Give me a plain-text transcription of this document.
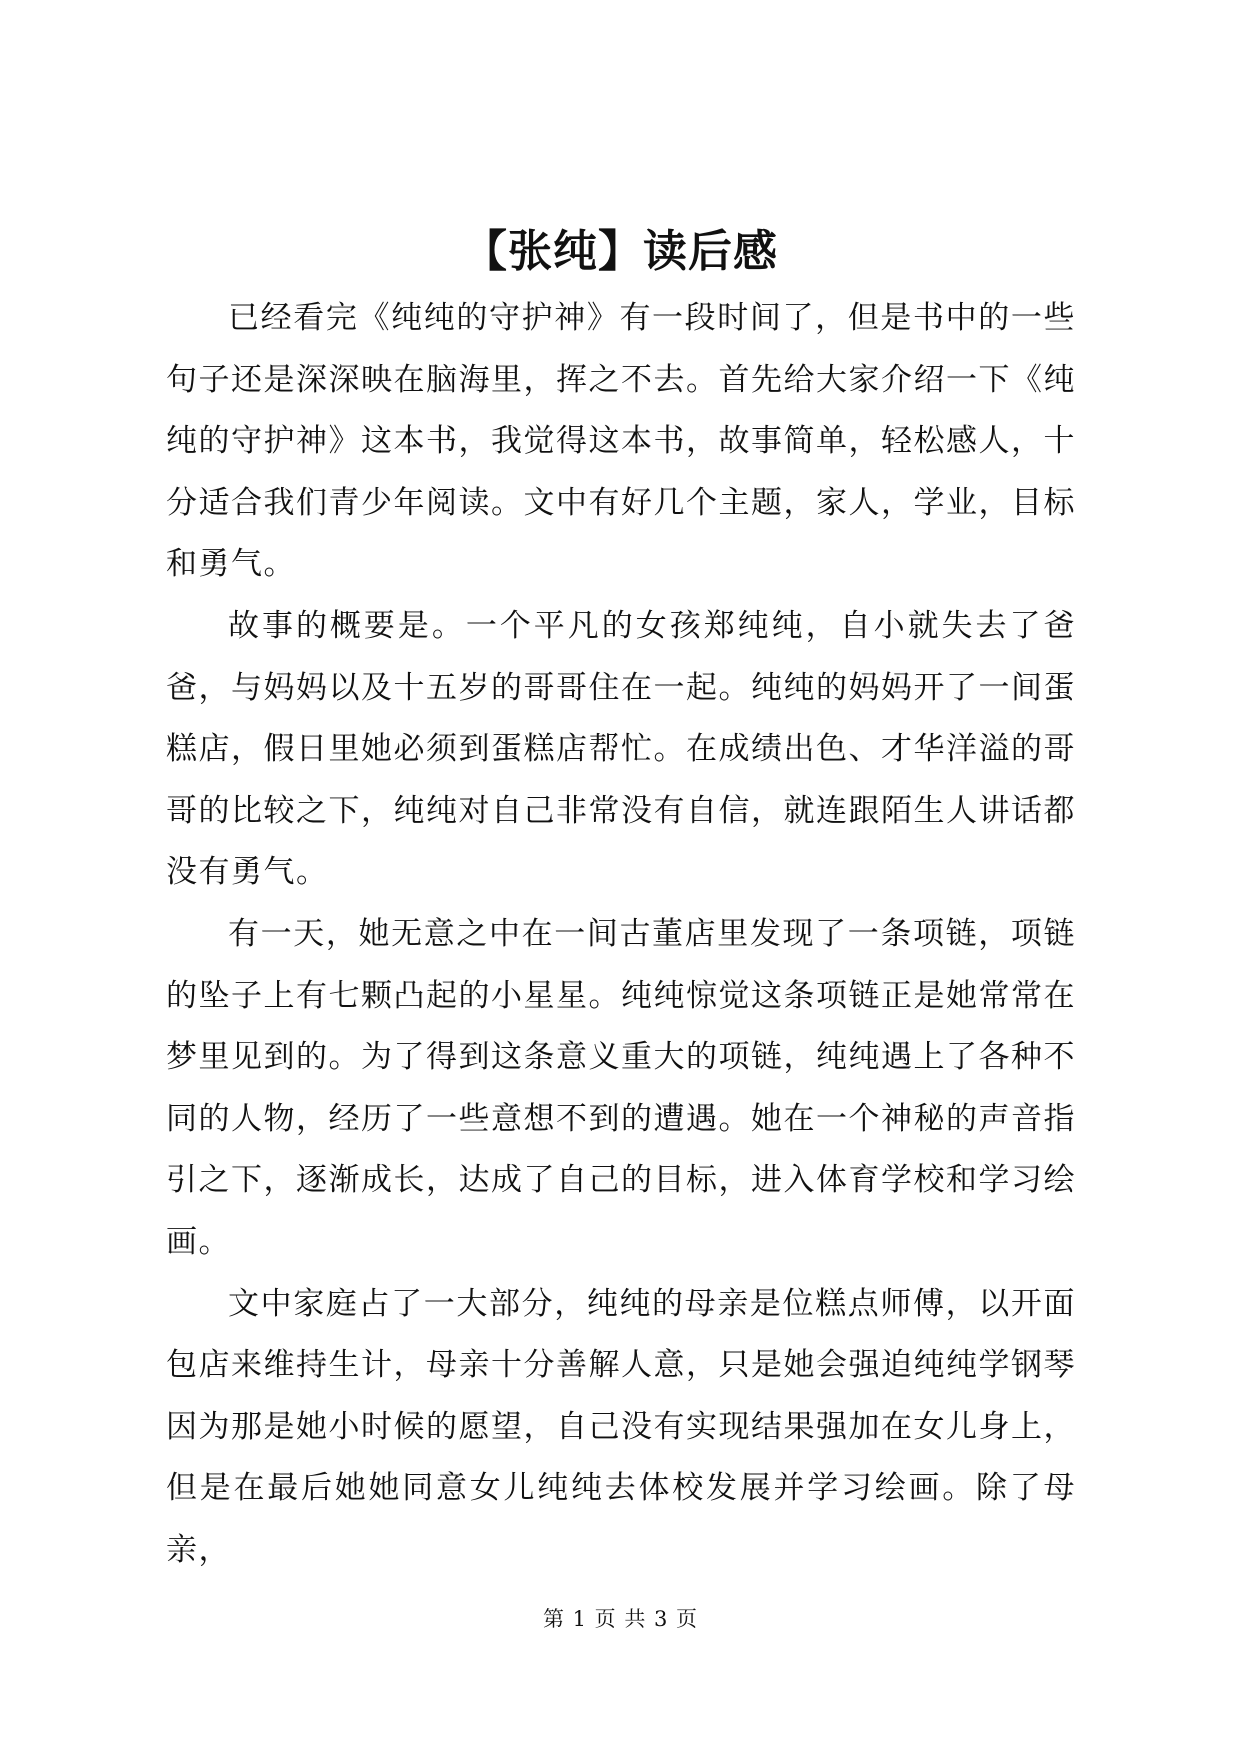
【张纯】读后感

已经看完《纯纯的守护神》有一段时间了，但是书中的一些句子还是深深映在脑海里，挥之不去。首先给大家介绍一下《纯纯的守护神》这本书，我觉得这本书，故事简单，轻松感人，十分适合我们青少年阅读。文中有好几个主题，家人，学业，目标和勇气。

故事的概要是。一个平凡的女孩郑纯纯，自小就失去了爸爸，与妈妈以及十五岁的哥哥住在一起。纯纯的妈妈开了一间蛋糕店，假日里她必须到蛋糕店帮忙。在成绩出色、才华洋溢的哥哥的比较之下，纯纯对自己非常没有自信，就连跟陌生人讲话都没有勇气。

有一天，她无意之中在一间古董店里发现了一条项链，项链的坠子上有七颗凸起的小星星。纯纯惊觉这条项链正是她常常在梦里见到的。为了得到这条意义重大的项链，纯纯遇上了各种不同的人物，经历了一些意想不到的遭遇。她在一个神秘的声音指引之下，逐渐成长，达成了自己的目标，进入体育学校和学习绘画。

文中家庭占了一大部分，纯纯的母亲是位糕点师傅，以开面包店来维持生计，母亲十分善解人意，只是她会强迫纯纯学钢琴因为那是她小时候的愿望，自己没有实现结果强加在女儿身上，但是在最后她她同意女儿纯纯去体校发展并学习绘画。除了母亲，

第 1 页 共 3 页
